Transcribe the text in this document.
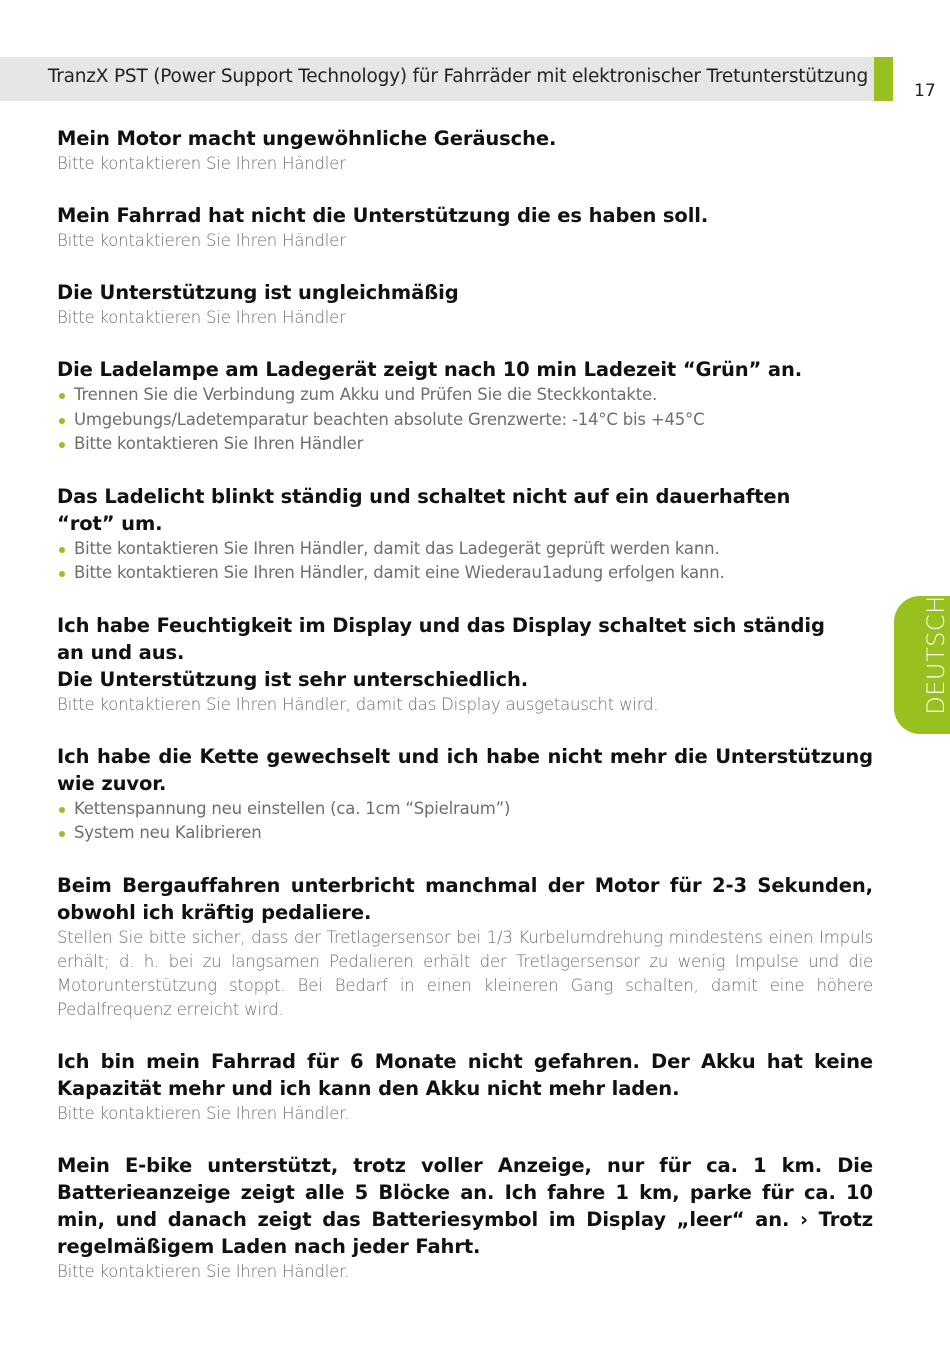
TranzX PST (Power Support Technology) für Fahrräder mit elektronischer Tretunterstützung
17
DEUTSCH

Mein Motor macht ungewöhnliche Geräusche.

Bitte kontaktieren Sie Ihren Händler

Mein Fahrrad hat nicht die Unterstützung die es haben soll.

Bitte kontaktieren Sie Ihren Händler

Die Unterstützung ist ungleichmäßig

Bitte kontaktieren Sie Ihren Händler

Die Ladelampe am Ladegerät zeigt nach 10 min Ladezeit “Grün” an.

Trennen Sie die Verbindung zum Akku und Prüfen Sie die Steckkontakte.
Umgebungs/Ladetemparatur beachten absolute Grenzwerte: -14°C bis +45°C
Bitte kontaktieren Sie Ihren Händler

Das Ladelicht blinkt ständig und schaltet nicht auf ein dauerhaften
“rot” um.

Bitte kontaktieren Sie Ihren Händler, damit das Ladegerät geprüft werden kann.
Bitte kontaktieren Sie Ihren Händler, damit eine Wiederau1adung erfolgen kann.

Ich habe Feuchtigkeit im Display und das Display schaltet sich ständig
an und aus.
Die Unterstützung ist sehr unterschiedlich.

Bitte kontaktieren Sie Ihren Händler, damit das Display ausgetauscht wird.

Ich habe die Kette gewechselt und ich habe nicht mehr die Unterstützung wie zuvor.

Kettenspannung neu einstellen (ca. 1cm “Spielraum”)
System neu Kalibrieren

Beim Bergauffahren unterbricht manchmal der Motor für 2-3 Sekunden, obwohl ich kräftig pedaliere.

Stellen Sie bitte sicher, dass der Tretlagersensor bei 1/3 Kurbelumdrehung mindestens einen Impuls erhält; d. h. bei zu langsamen Pedalieren erhält der Tretlagersensor zu wenig Impulse und die Motorunterstützung stoppt. Bei Bedarf in einen kleineren Gang schalten, damit eine höhere Pedalfrequenz erreicht wird.

Ich bin mein Fahrrad für 6 Monate nicht gefahren. Der Akku hat keine Kapazität mehr und ich kann den Akku nicht mehr laden.

Bitte kontaktieren Sie Ihren Händler.

Mein E-bike unterstützt, trotz voller Anzeige, nur für ca. 1 km. Die Batterieanzeige zeigt alle 5 Blöcke an. Ich fahre 1 km, parke für ca. 10 min, und danach zeigt das Batteriesymbol im Display „leer“ an. › Trotz regelmäßigem Laden nach jeder Fahrt.

Bitte kontaktieren Sie Ihren Händler.
